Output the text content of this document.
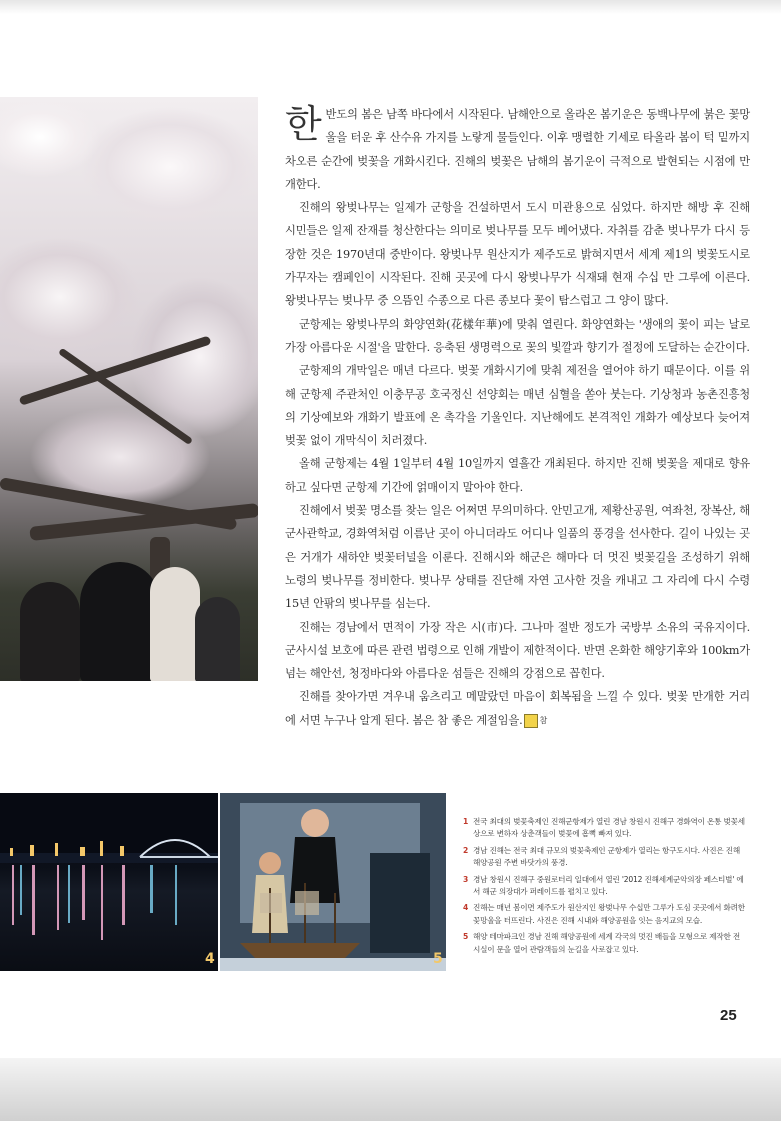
한반도의 봄은 남쪽 바다에서 시작된다. 남해안으로 올라온 봄기운은 동백나무에 붉은 꽃망울을 터운 후 산수유 가지를 노랗게 물들인다. 이후 맹렬한 기세로 타올라 봄이 턱 밑까지 차오른 순간에 벚꽃을 개화시킨다. 진해의 벚꽃은 남해의 봄기운이 극적으로 발현되는 시점에 만개한다.

진해의 왕벚나무는 일제가 군항을 건설하면서 도시 미관용으로 심었다. 하지만 해방 후 진해 시민들은 일제 잔재를 청산한다는 의미로 벚나무를 모두 베어냈다. 자취를 감춘 벚나무가 다시 등장한 것은 1970년대 중반이다. 왕벚나무 원산지가 제주도로 밝혀지면서 세계 제1의 벚꽃도시로 가꾸자는 캠페인이 시작된다. 진해 곳곳에 다시 왕벚나무가 식재돼 현재 수십 만 그루에 이른다. 왕벚나무는 벚나무 중 으뜸인 수종으로 다른 종보다 꽃이 탐스럽고 그 양이 많다.

군항제는 왕벚나무의 화양연화(花樣年華)에 맞춰 열린다. 화양연화는 '생애의 꽃이 피는 날로 가장 아름다운 시절'을 말한다. 응축된 생명력으로 꽃의 빛깔과 향기가 절정에 도달하는 순간이다.

군항제의 개막일은 매년 다르다. 벚꽃 개화시기에 맞춰 제전을 열어야 하기 때문이다. 이를 위해 군항제 주관처인 이충무공 호국정신 선양회는 매년 심혈을 쏟아 붓는다. 기상청과 농촌진흥청의 기상예보와 개화기 발표에 온 촉각을 기울인다. 지난해에도 본격적인 개화가 예상보다 늦어져 벚꽃 없이 개막식이 치러졌다.

올해 군항제는 4월 1일부터 4월 10일까지 열흘간 개최된다. 하지만 진해 벚꽃을 제대로 향유하고 싶다면 군항제 기간에 얽매이지 말아야 한다.

진해에서 벚꽃 명소를 찾는 일은 어쩌면 무의미하다. 안민고개, 제황산공원, 여좌천, 장복산, 해군사관학교, 경화역처럼 이름난 곳이 아니더라도 어디나 일품의 풍경을 선사한다. 길이 나있는 곳은 거개가 새하얀 벚꽃터널을 이룬다. 진해시와 해군은 해마다 더 멋진 벚꽃길을 조성하기 위해 노령의 벚나무를 정비한다. 벚나무 상태를 진단해 자연 고사한 것을 캐내고 그 자리에 다시 수령 15년 안팎의 벚나무를 심는다.

진해는 경남에서 면적이 가장 작은 시(市)다. 그나마 절반 정도가 국방부 소유의 국유지이다. 군사시설 보호에 따른 관련 법령으로 인해 개발이 제한적이다. 반면 온화한 해양기후와 100km가 넘는 해안선, 청정바다와 아름다운 섬들은 진해의 강점으로 꼽힌다.

진해를 찾아가면 겨우내 움츠리고 메말랐던 마음이 회복됨을 느낄 수 있다. 벚꽃 만개한 거리에 서면 누구나 알게 된다. 봄은 참 좋은 계절임을. 참

4	5
1 전국 최대의 벚꽃축제인 진해군항제가 열린 경남 창원시 진해구 경화역이 온통 벚꽃세상으로 변하자 상춘객들이 벚꽃에 흠뻑 빠져 있다.
2 경남 진해는 전국 최대 규모의 벚꽃축제인 군항제가 열리는 항구도시다. 사진은 진해해양공원 주변 바닷가의 풍경.
3 경남 창원시 진해구 중원로터리 일대에서 열린 '2012 진해세계군악의장 페스티벌' 에서 해군 의장대가 퍼레이드를 펼치고 있다.
4 진해는 매년 봄이면 제주도가 원산지인 왕벚나무 수십만 그루가 도심 곳곳에서 화려한 꽃망울을 터뜨린다. 사진은 진해 시내와 해양공원을 잇는 음지교의 모습.
5 해양 테마파크인 경남 진해 해양공원에 세계 각국의 멋진 배들을 모형으로 제작한 전시실이 문을 열어 관람객들의 눈길을 사로잡고 있다.
25
